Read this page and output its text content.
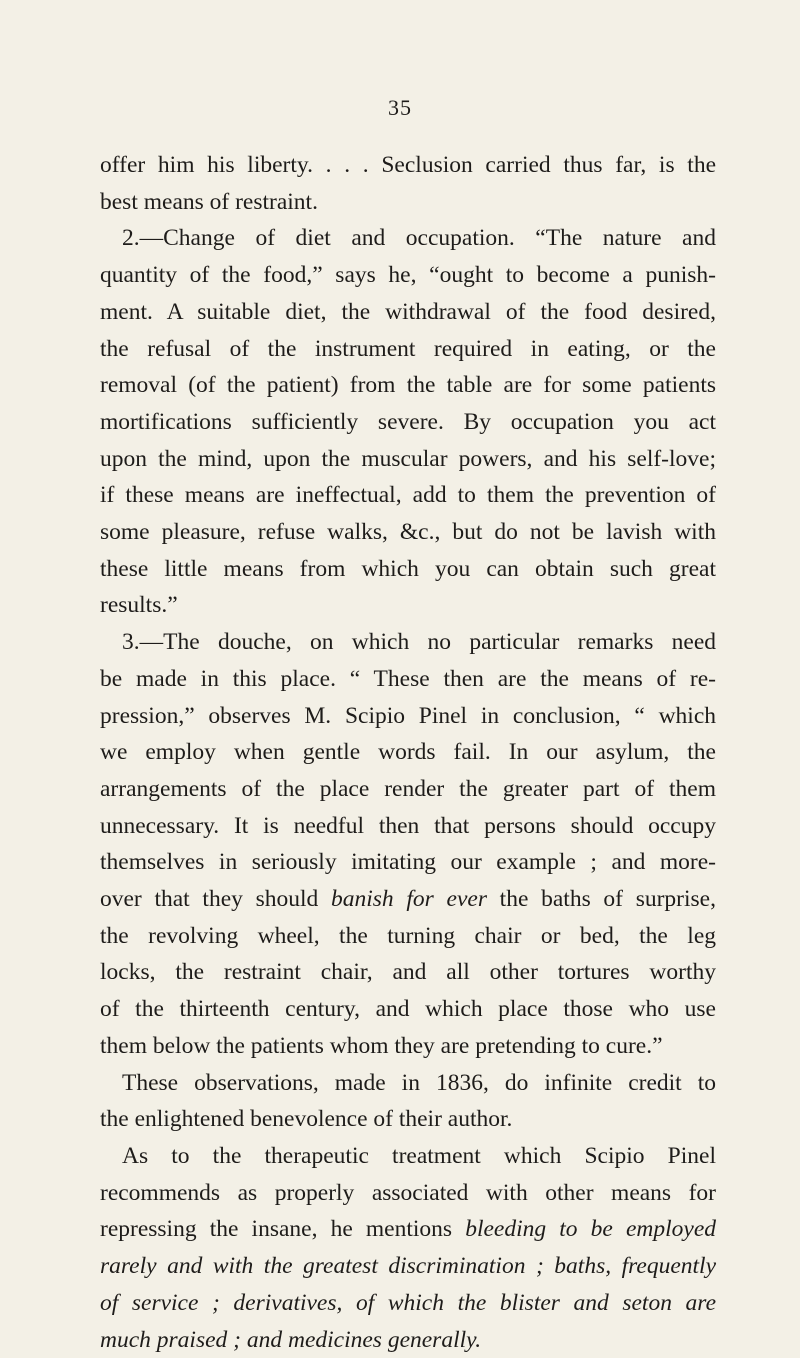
35
offer him his liberty. . . . Seclusion carried thus far, is the
best means of restraint.
2.—Change of diet and occupation. “The nature and
quantity of the food,” says he, “ought to become a punish-
ment. A suitable diet, the withdrawal of the food desired,
the refusal of the instrument required in eating, or the
removal (of the patient) from the table are for some patients
mortifications sufficiently severe. By occupation you act
upon the mind, upon the muscular powers, and his self-love;
if these means are ineffectual, add to them the prevention of
some pleasure, refuse walks, &c., but do not be lavish with
these little means from which you can obtain such great
results.”
3.—The douche, on which no particular remarks need
be made in this place. “ These then are the means of re-
pression,” observes M. Scipio Pinel in conclusion, “ which
we employ when gentle words fail. In our asylum, the
arrangements of the place render the greater part of them
unnecessary. It is needful then that persons should occupy
themselves in seriously imitating our example ; and more-
over that they should banish for ever the baths of surprise,
the revolving wheel, the turning chair or bed, the leg
locks, the restraint chair, and all other tortures worthy
of the thirteenth century, and which place those who use
them below the patients whom they are pretending to cure.”
These observations, made in 1836, do infinite credit to
the enlightened benevolence of their author.
As to the therapeutic treatment which Scipio Pinel
recommends as properly associated with other means for
repressing the insane, he mentions bleeding to be employed
rarely and with the greatest discrimination ; baths, frequently
of service ; derivatives, of which the blister and seton are
much praised ; and medicines generally.
